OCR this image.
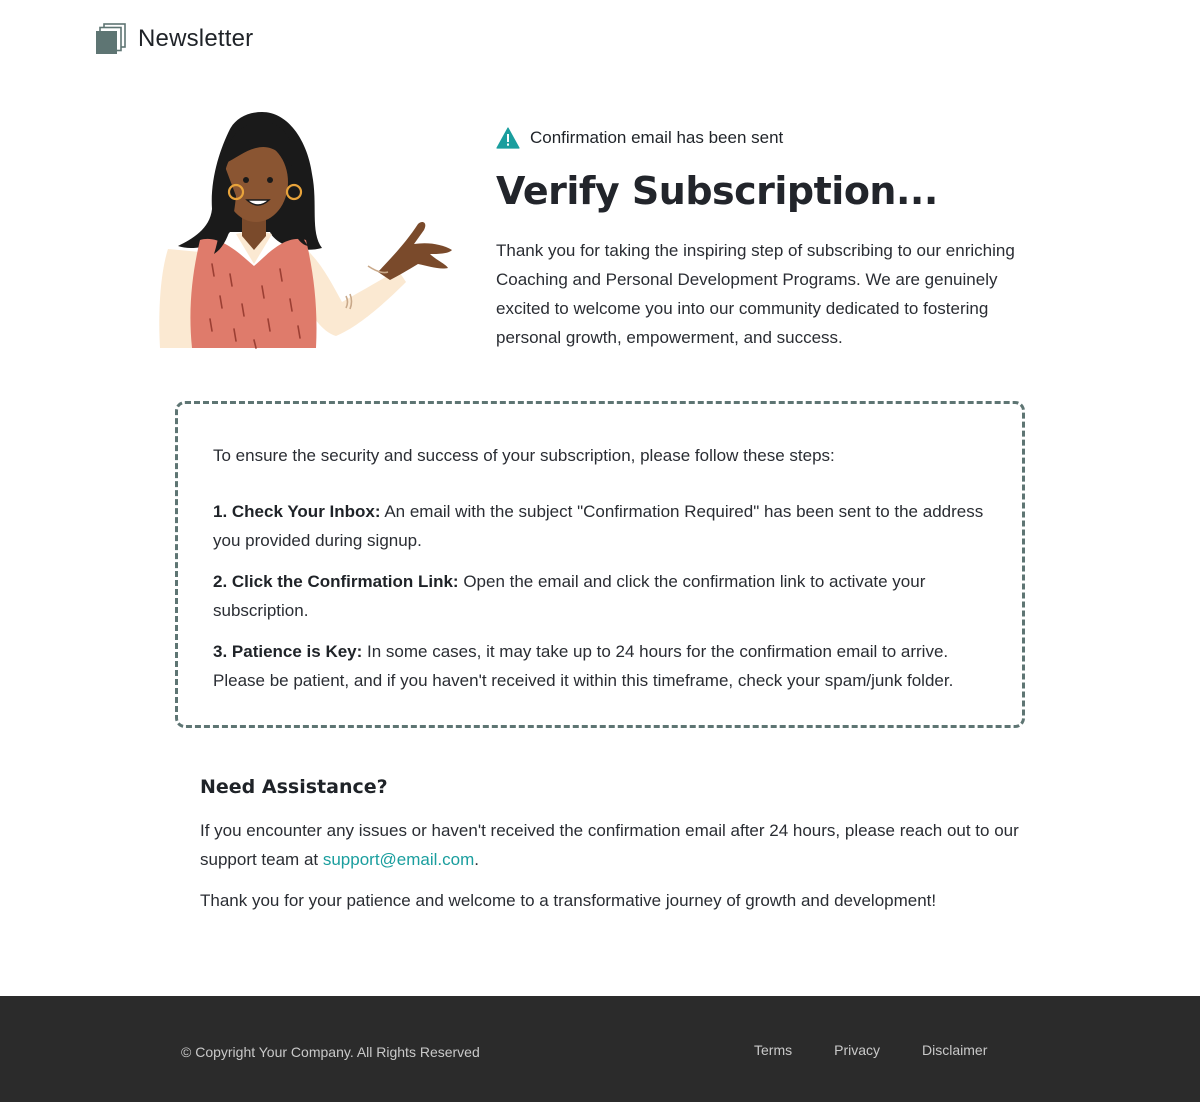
Newsletter
Confirmation email has been sent
Verify Subscription...

Thank you for taking the inspiring step of subscribing to our enriching Coaching and Personal Development Programs. We are genuinely excited to welcome you into our community dedicated to fostering personal growth, empowerment, and success.

To ensure the security and success of your subscription, please follow these steps:

1. Check Your Inbox: An email with the subject "Confirmation Required" has been sent to the address you provided during signup.

2. Click the Confirmation Link: Open the email and click the confirmation link to activate your subscription.

3. Patience is Key: In some cases, it may take up to 24 hours for the confirmation email to arrive. Please be patient, and if you haven't received it within this timeframe, check your spam/junk folder.

Need Assistance?

If you encounter any issues or haven't received the confirmation email after 24 hours, please reach out to our support team at support@email.com.

Thank you for your patience and welcome to a transformative journey of growth and development!

© Copyright Your Company. All Rights Reserved	Terms	Privacy	Disclaimer
